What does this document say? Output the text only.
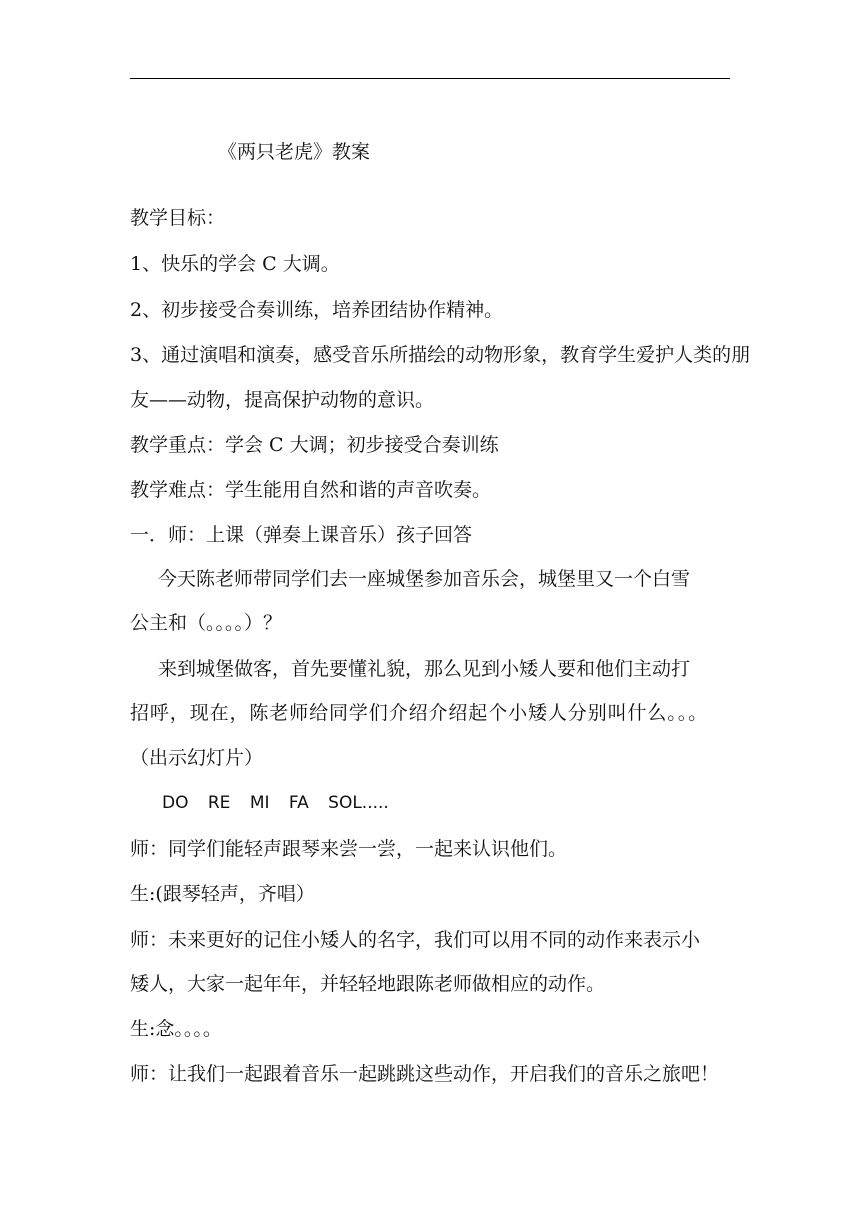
《两只老虎》教案
教学目标：
1、快乐的学会 C 大调。
2、初步接受合奏训练，培养团结协作精神。
3、通过演唱和演奏，感受音乐所描绘的动物形象，教育学生爱护人类的朋
友——动物，提高保护动物的意识。
教学重点：学会 C 大调；初步接受合奏训练
教学难点：学生能用自然和谐的声音吹奏。
一．师：上课（弹奏上课音乐）孩子回答
今天陈老师带同学们去一座城堡参加音乐会，城堡里又一个白雪
公主和（。。。。）？
来到城堡做客，首先要懂礼貌，那么见到小矮人要和他们主动打
招呼，现在，陈老师给同学们介绍介绍起个小矮人分别叫什么。。。
（出示幻灯片）
DO RE MI FA SOL.....
师：同学们能轻声跟琴来尝一尝，一起来认识他们。
生:(跟琴轻声，齐唱）
师：未来更好的记住小矮人的名字，我们可以用不同的动作来表示小
矮人，大家一起年年，并轻轻地跟陈老师做相应的动作。
生:念。。。。
师：让我们一起跟着音乐一起跳跳这些动作，开启我们的音乐之旅吧！
